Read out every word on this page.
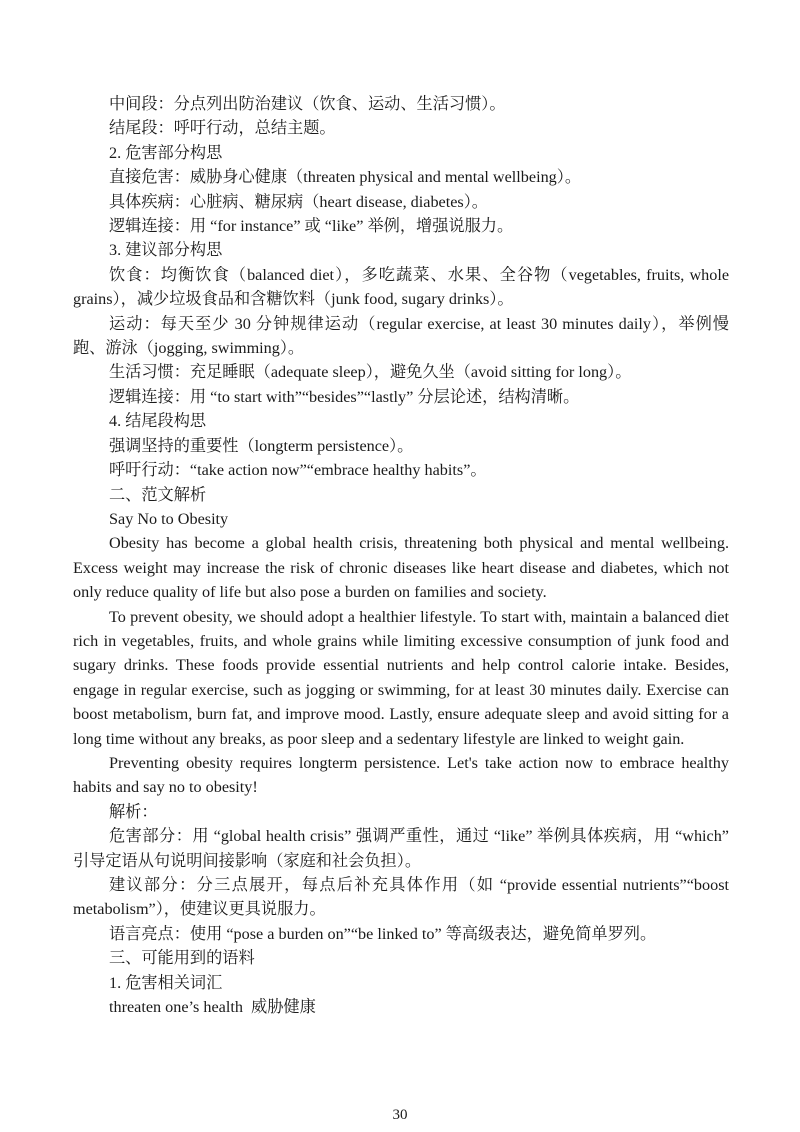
中间段：分点列出防治建议（饮食、运动、生活习惯）。
结尾段：呼吁行动，总结主题。
2. 危害部分构思
直接危害：威胁身心健康（threaten physical and mental wellbeing）。
具体疾病：心脏病、糖尿病（heart disease, diabetes）。
逻辑连接：用 “for instance” 或 “like” 举例，增强说服力。
3. 建议部分构思
饮食：均衡饮食（balanced diet），多吃蔬菜、水果、全谷物（vegetables, fruits, whole grains），减少垃圾食品和含糖饮料（junk food, sugary drinks）。
运动：每天至少 30 分钟规律运动（regular exercise, at least 30 minutes daily），举例慢跑、游泳（jogging, swimming）。
生活习惯：充足睡眠（adequate sleep），避免久坐（avoid sitting for long）。
逻辑连接：用 “to start with”“besides”“lastly” 分层论述，结构清晰。
4. 结尾段构思
强调坚持的重要性（longterm persistence）。
呼吁行动：“take action now”“embrace healthy habits”。
二、范文解析
Say No to Obesity
Obesity has become a global health crisis, threatening both physical and mental wellbeing. Excess weight may increase the risk of chronic diseases like heart disease and diabetes, which not only reduce quality of life but also pose a burden on families and society.
To prevent obesity, we should adopt a healthier lifestyle. To start with, maintain a balanced diet rich in vegetables, fruits, and whole grains while limiting excessive consumption of junk food and sugary drinks. These foods provide essential nutrients and help control calorie intake. Besides, engage in regular exercise, such as jogging or swimming, for at least 30 minutes daily. Exercise can boost metabolism, burn fat, and improve mood. Lastly, ensure adequate sleep and avoid sitting for a long time without any breaks, as poor sleep and a sedentary lifestyle are linked to weight gain.
Preventing obesity requires longterm persistence. Let's take action now to embrace healthy habits and say no to obesity!
解析：
危害部分：用 “global health crisis” 强调严重性，通过 “like” 举例具体疾病，用 “which” 引导定语从句说明间接影响（家庭和社会负担）。
建议部分：分三点展开，每点后补充具体作用（如 “provide essential nutrients”“boost metabolism”），使建议更具说服力。
语言亮点：使用 “pose a burden on”“be linked to” 等高级表达，避免简单罗列。
三、可能用到的语料
1. 危害相关词汇
threaten one’s health  威胁健康
30
